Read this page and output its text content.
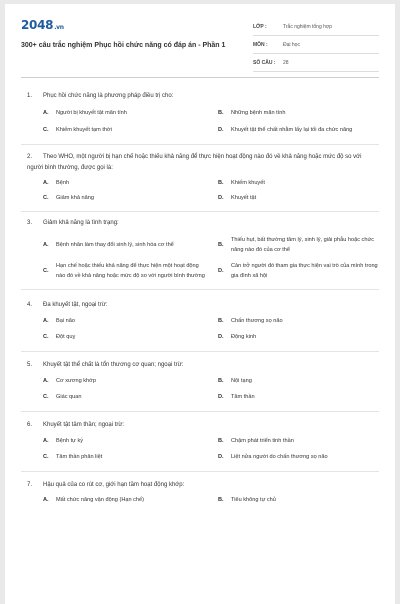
2048.vn
300+ câu trắc nghiệm Phục hồi chức năng có đáp án - Phần 1
LỚP :	Trắc nghiệm tổng hợp
MÔN :	Đại học
SỐ CÂU :	28
1. Phục hồi chức năng là phương pháp điều trị cho:
A.	Người bị khuyết tật mãn tính	B.	Những bệnh mãn tính
C.	Khiếm khuyết tạm thời	D.	Khuyết tật thể chất nhằm lấy lại tối đa chức năng
2. Theo WHO, một người bị hạn chế hoặc thiếu khả năng để thực hiện hoạt động nào đó về khả năng hoặc mức độ so với người bình thường, được gọi là:
A.	Bệnh	B.	Khiếm khuyết
C.	Giảm khả năng	D.	Khuyết tật
3. Giảm khả năng là tình trạng:
A.	Bệnh nhân làm thay đổi sinh lý, sinh hóa cơ thể	B.
Thiếu hụt, bất thường tâm lý, sinh lý, giải phẫu hoặc chức năng nào đó của cơ thể
C.
Hạn chế hoặc thiếu khả năng để thực hiện một hoạt động nào đó về khả năng hoặc mức độ so với người bình thường
D.
Cản trở người đó tham gia thực hiện vai trò của mình trong gia đình xã hội
4. Đa khuyết tật, ngoại trừ:
A.	Bại não	B.	Chấn thương sọ não
C.	Đột quỵ	D.	Động kinh
5. Khuyết tật thể chất là tổn thương cơ quan; ngoại trừ:
A.	Cơ xương khớp	B.	Nội tạng
C.	Giác quan	D.	Tâm thần
6. Khuyết tật tâm thần; ngoại trừ:
A.	Bệnh tự kỷ	B.	Chậm phát triển tinh thần
C.	Tâm thần phân liệt	D.	Liệt nửa người do chấn thương sọ não
7. Hậu quả của co rút cơ, giới hạn tầm hoạt động khớp:
A.	Mất chức năng vận động (Hạn chế)	B.	Tiêu không tự chủ
